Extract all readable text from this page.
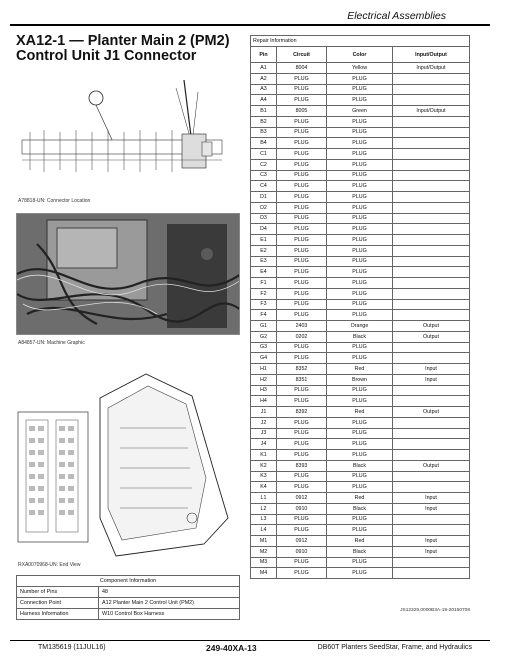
Electrical Assemblies
XA12-1 — Planter Main 2 (PM2) Control Unit J1 Connector
A78818-UN: Connector Location
A84857-UN: Machine Graphic
RXA0070968-UN: End View
Repair Information			
Pin	Circuit	Color	Input/Output
A1	8004	Yellow	Input/Output
A2	PLUG	PLUG	
A3	PLUG	PLUG	
A4	PLUG	PLUG	
B1	8005	Green	Input/Output
B2	PLUG	PLUG	
B3	PLUG	PLUG	
B4	PLUG	PLUG	
C1	PLUG	PLUG	
C2	PLUG	PLUG	
C3	PLUG	PLUG	
C4	PLUG	PLUG	
D1	PLUG	PLUG	
D2	PLUG	PLUG	
D3	PLUG	PLUG	
D4	PLUG	PLUG	
E1	PLUG	PLUG	
E2	PLUG	PLUG	
E3	PLUG	PLUG	
E4	PLUG	PLUG	
F1	PLUG	PLUG	
F2	PLUG	PLUG	
F3	PLUG	PLUG	
F4	PLUG	PLUG	
G1	2403	Orange	Output
G2	0202	Black	Output
G3	PLUG	PLUG	
G4	PLUG	PLUG	
H1	8352	Red	Input
H2	8351	Brown	Input
H3	PLUG	PLUG	
H4	PLUG	PLUG	
J1	8392	Red	Output
J2	PLUG	PLUG	
J3	PLUG	PLUG	
J4	PLUG	PLUG	
K1	PLUG	PLUG	
K2	8393	Black	Output
K3	PLUG	PLUG	
K4	PLUG	PLUG	
L1	0912	Red	Input
L2	0910	Black	Input
L3	PLUG	PLUG	
L4	PLUG	PLUG	
M1	0912	Red	Input
M2	0910	Black	Input
M3	PLUG	PLUG	
M4	PLUG	PLUG	
JS12329,0000B3A-19-20150708
Component Information	
Number of Pins	48
Connection Point	A12 Planter Main 2 Control Unit (PM2)
Harness Information	W10 Control Box Harness
TM135619 (11JUL16)	249-40XA-13	DB60T Planters SeedStar, Frame, and Hydraulics
